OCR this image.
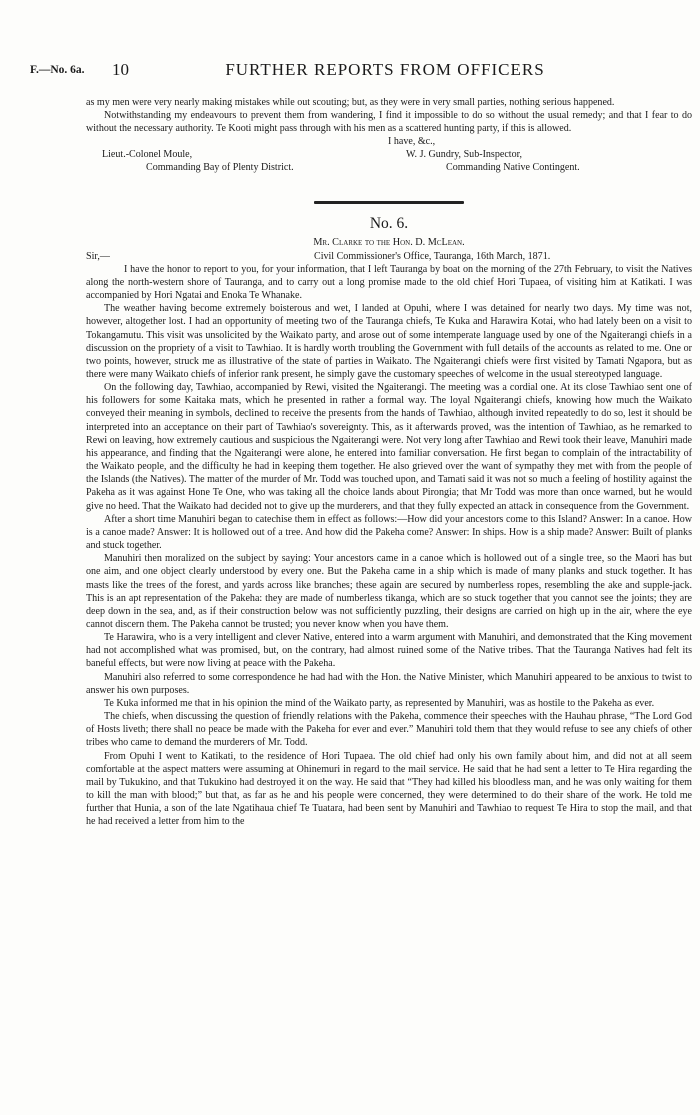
F.—No. 6a. 10	FURTHER REPORTS FROM OFFICERS

as my men were very nearly making mistakes while out scouting; but, as they were in very small parties, nothing serious happened.

Notwithstanding my endeavours to prevent them from wandering, I find it impossible to do so without the usual remedy; and that I fear to do without the necessary authority. Te Kooti might pass through with his men as a scattered hunting party, if this is allowed.

I have, &c.,
Lieut.-Colonel Moule,
Commanding Bay of Plenty District.
W. J. Gundry, Sub-Inspector,
Commanding Native Contingent.
No. 6.
Mr. Clarke to the Hon. D. McLean.
Sir,—	Civil Commissioner's Office, Tauranga, 16th March, 1871.

I have the honor to report to you, for your information, that I left Tauranga by boat on the morning of the 27th February, to visit the Natives along the north-western shore of Tauranga, and to carry out a long promise made to the old chief Hori Tupaea, of visiting him at Katikati. I was accompanied by Hori Ngatai and Enoka Te Whanake.

The weather having become extremely boisterous and wet, I landed at Opuhi, where I was detained for nearly two days. My time was not, however, altogether lost. I had an opportunity of meeting two of the Tauranga chiefs, Te Kuka and Harawira Kotai, who had lately been on a visit to Tokangamutu. This visit was unsolicited by the Waikato party, and arose out of some intemperate language used by one of the Ngaiterangi chiefs in a discussion on the propriety of a visit to Tawhiao. It is hardly worth troubling the Government with full details of the accounts as related to me. One or two points, however, struck me as illustrative of the state of parties in Waikato. The Ngaiterangi chiefs were first visited by Tamati Ngapora, but as there were many Waikato chiefs of inferior rank present, he simply gave the customary speeches of welcome in the usual stereotyped language.

On the following day, Tawhiao, accompanied by Rewi, visited the Ngaiterangi. The meeting was a cordial one. At its close Tawhiao sent one of his followers for some Kaitaka mats, which he presented in rather a formal way. The loyal Ngaiterangi chiefs, knowing how much the Waikato conveyed their meaning in symbols, declined to receive the presents from the hands of Tawhiao, although invited repeatedly to do so, lest it should be interpreted into an acceptance on their part of Tawhiao's sovereignty. This, as it afterwards proved, was the intention of Tawhiao, as he remarked to Rewi on leaving, how extremely cautious and suspicious the Ngaiterangi were. Not very long after Tawhiao and Rewi took their leave, Manuhiri made his appearance, and finding that the Ngaiterangi were alone, he entered into familiar conversation. He first began to complain of the intractability of the Waikato people, and the difficulty he had in keeping them together. He also grieved over the want of sympathy they met with from the people of the Islands (the Natives). The matter of the murder of Mr. Todd was touched upon, and Tamati said it was not so much a feeling of hostility against the Pakeha as it was against Hone Te One, who was taking all the choice lands about Pirongia; that Mr Todd was more than once warned, but he would give no heed. That the Waikato had decided not to give up the murderers, and that they fully expected an attack in consequence from the Government.

After a short time Manuhiri began to catechise them in effect as follows:—How did your ancestors come to this Island? Answer: In a canoe. How is a canoe made? Answer: It is hollowed out of a tree. And how did the Pakeha come? Answer: In ships. How is a ship made? Answer: Built of planks and stuck together.

Manuhiri then moralized on the subject by saying: Your ancestors came in a canoe which is hollowed out of a single tree, so the Maori has but one aim, and one object clearly understood by every one. But the Pakeha came in a ship which is made of many planks and stuck together. It has masts like the trees of the forest, and yards across like branches; these again are secured by numberless ropes, resembling the ake and supple-jack. This is an apt representation of the Pakeha: they are made of numberless tikanga, which are so stuck together that you cannot see the joints; they are deep down in the sea, and, as if their construction below was not sufficiently puzzling, their designs are carried on high up in the air, where the eye cannot discern them. The Pakeha cannot be trusted; you never know when you have them.

Te Harawira, who is a very intelligent and clever Native, entered into a warm argument with Manuhiri, and demonstrated that the King movement had not accomplished what was promised, but, on the contrary, had almost ruined some of the Native tribes. That the Tauranga Natives had felt its baneful effects, but were now living at peace with the Pakeha.

Manuhiri also referred to some correspondence he had had with the Hon. the Native Minister, which Manuhiri appeared to be anxious to twist to answer his own purposes.

Te Kuka informed me that in his opinion the mind of the Waikato party, as represented by Manuhiri, was as hostile to the Pakeha as ever.

The chiefs, when discussing the question of friendly relations with the Pakeha, commence their speeches with the Hauhau phrase, “The Lord God of Hosts liveth; there shall no peace be made with the Pakeha for ever and ever.” Manuhiri told them that they would refuse to see any chiefs of other tribes who came to demand the murderers of Mr. Todd.

From Opuhi I went to Katikati, to the residence of Hori Tupaea. The old chief had only his own family about him, and did not at all seem comfortable at the aspect matters were assuming at Ohinemuri in regard to the mail service. He said that he had sent a letter to Te Hira regarding the mail by Tukukino, and that Tukukino had destroyed it on the way. He said that “They had killed his bloodless man, and he was only waiting for them to kill the man with blood;” but that, as far as he and his people were concerned, they were determined to do their share of the work. He told me further that Hunia, a son of the late Ngatihaua chief Te Tuatara, had been sent by Manuhiri and Tawhiao to request Te Hira to stop the mail, and that he had received a letter from him to the
